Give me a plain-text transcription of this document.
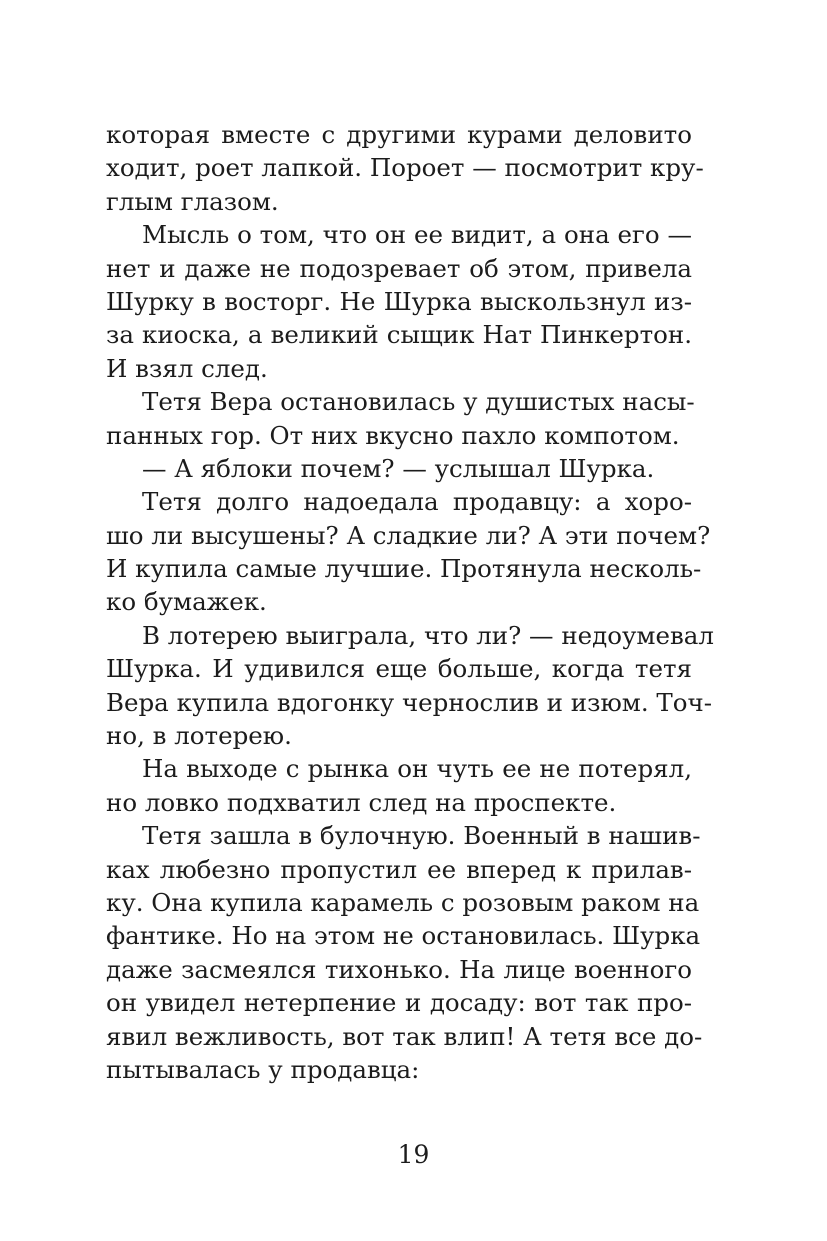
которая вместе с другими курами деловито
ходит, роет лапкой. Пороет — посмотрит кру-
глым глазом.
Мысль о том, что он ее видит, а она его —
нет и даже не подозревает об этом, привела
Шурку в восторг. Не Шурка выскользнул из-
за киоска, а великий сыщик Нат Пинкертон.
И взял след.
Тетя Вера остановилась у душистых насы-
панных гор. От них вкусно пахло компотом.
— А яблоки почем? — услышал Шурка.
Тетя долго надоедала продавцу: а хоро-
шо ли высушены? А сладкие ли? А эти почем?
И купила самые лучшие. Протянула несколь-
ко бумажек.
В лотерею выиграла, что ли? — недоумевал
Шурка. И удивился еще больше, когда тетя
Вера купила вдогонку чернослив и изюм. Точ-
но, в лотерею.
На выходе с рынка он чуть ее не потерял,
но ловко подхватил след на проспекте.
Тетя зашла в булочную. Военный в нашив-
ках любезно пропустил ее вперед к прилав-
ку. Она купила карамель с розовым раком на
фантике. Но на этом не остановилась. Шурка
даже засмеялся тихонько. На лице военного
он увидел нетерпение и досаду: вот так про-
явил вежливость, вот так влип! А тетя все до-
пытывалась у продавца:
19
